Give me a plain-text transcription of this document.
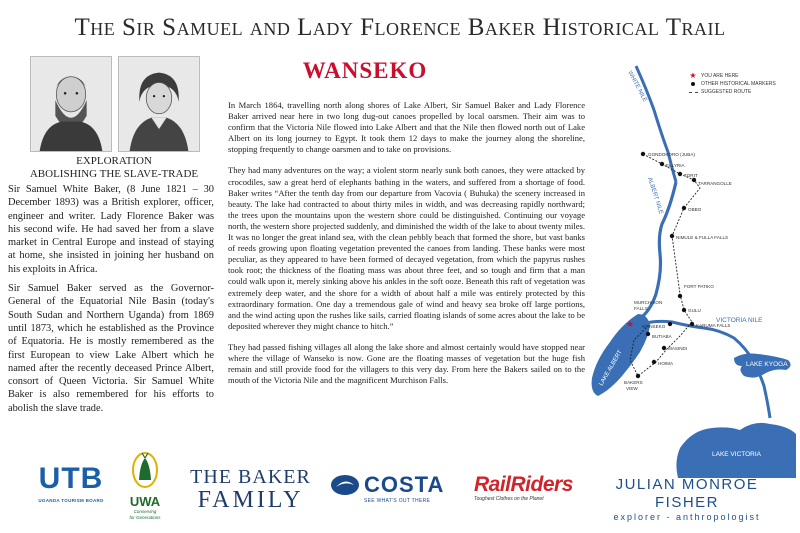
The Sir Samuel and Lady Florence Baker Historical Trail
WANSEKO
EXPLORATION
ABOLISHING THE SLAVE-TRADE

Sir Samuel White Baker, (8 June 1821 – 30 December 1893) was a British explorer, officer, engineer and writer. Lady Florence Baker was his second wife. He had saved her from a slave market in Central Europe and instead of staying at home, she insisted in joining her husband on his exploits in Africa.

Sir Samuel Baker served as the Governor-General of the Equatorial Nile Basin (today's South Sudan and Northern Uganda) from 1869 until 1873, which he established as the Province of Equatoria. He is mostly remembered as the first European to view Lake Albert which he named after the recently deceased Prince Albert, consort of Queen Victoria. Sir Samuel White Baker is also remembered for his efforts to abolish the slave trade.

In March 1864, travelling north along shores of Lake Albert, Sir Samuel Baker and Lady Florence Baker arrived near here in two long dug-out canoes propelled by local oarsmen. Their aim was to confirm that the Victoria Nile flowed into Lake Albert and that the Nile then flowed north out of Lake Albert on its long journey to Egypt. It took them 12 days to make the journey along the shoreline, stopping frequently to change oarsmen and to take on provisions.

They had many adventures on the way; a violent storm nearly sunk both canoes, they were attacked by crocodiles, saw a great herd of elephants bathing in the waters, and suffered from a shortage of food. Baker writes “After the tenth day from our departure from Vacovia ( Buhuka) the scenery increased in beauty. The lake had contracted to about thirty miles in width, and was decreasing rapidly northward; the trees upon the mountains upon the western shore could be distinguished. Continuing our voyage north, the western shore projected suddenly, and diminished the width of the lake to about twenty miles. It was no longer the great inland sea, with the clean pebbly beach that formed the shore, but vast banks of reeds growing upon floating vegetation prevented the canoes from landing. These banks were most peculiar, as they appeared to have been formed of decayed vegetation, from which the papyrus rushes took root; the thickness of the floating mass was about three feet, and so tough and firm that a man could walk upon it, merely sinking above his ankles in the soft ooze. Beneath this raft of vegetation was extremely deep water, and the shore for a width of about half a mile was entirely protected by this extraordinary formation. One day a tremendous gale of wind and heavy sea broke off large portions, and the wind acting upon the rushes like sails, carried floating islands of some acres about the lake to be deposited wherever they might chance to hitch.”

They had passed fishing villages all along the lake shore and almost certainly would have stopped near where the village of Wanseko is now. Gone are the floating masses of vegetation but the huge fish remain and still provide food for the villagers to this very day. From here the Bakers sailed on to the mouth of the Victoria Nile and the magnificent Murchison Falls.

★ YOU ARE HERE
OTHER HISTORICAL MARKERS
SUGGESTED ROUTE
★
WHITE NILE
ALBERT NILE
VICTORIA NILE
LAKE ALBERT	LAKE KYOGA
LAKE VICTORIA
GONDOKORO (JUBA)
ELLYRIA
TORIT
TARRANGOLLE
OBBO
NIMULE & FULLA FALLS
FORT PATIKO
GULU
MURCHISON
FALLS
KARUMA FALLS
WANSEKO
BUTIABA
MASINDI
HOIMA
BAKERS
VIEW
UTB
UGANDA TOURISM BOARD	UWA
Conserving
for Generations
THE BAKER
FAMILY
COSTA
SEE WHAT'S OUT THERE
RailRiders
Toughest Clothes on the Planet
JULIAN MONROE FISHER
explorer - anthropologist
